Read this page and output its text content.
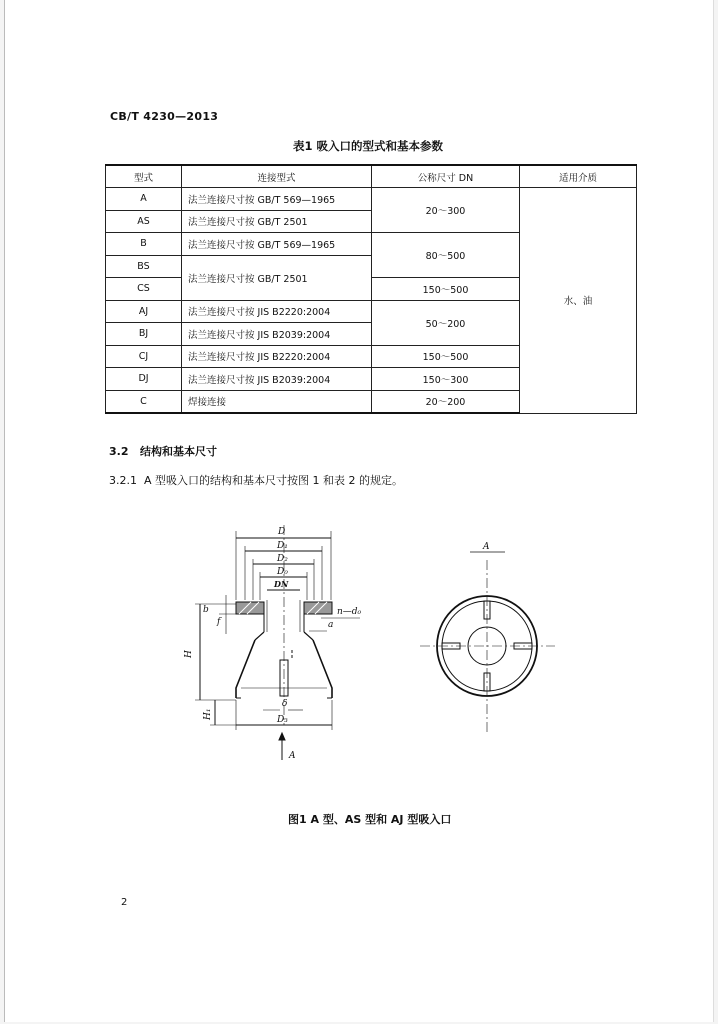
CB/T 4230—2013
表1 吸入口的型式和基本参数
型式	连接型式	公称尺寸 DN	适用介质
A	法兰连接尺寸按 GB/T 569—1965	20～300	水、油
AS	法兰连接尺寸按 GB/T 2501		
B	法兰连接尺寸按 GB/T 569—1965	80～500	
BS	法兰连接尺寸按 GB/T 2501		
CS		150～500	
AJ	法兰连接尺寸按 JIS B2220:2004	50～200	
BJ	法兰连接尺寸按 JIS B2039:2004		
CJ	法兰连接尺寸按 JIS B2220:2004	150～500	
DJ	法兰连接尺寸按 JIS B2039:2004	150～300	
C	焊接连接	20～200	
3.2 结构和基本尺寸
3.2.1 A 型吸入口的结构和基本尺寸按图 1 和表 2 的规定。
D
D₁
D₂
D₀
DN
b
f
H
H₁	D₃
δ
a
n—d₀
A
A
图1 A 型、AS 型和 AJ 型吸入口
2
